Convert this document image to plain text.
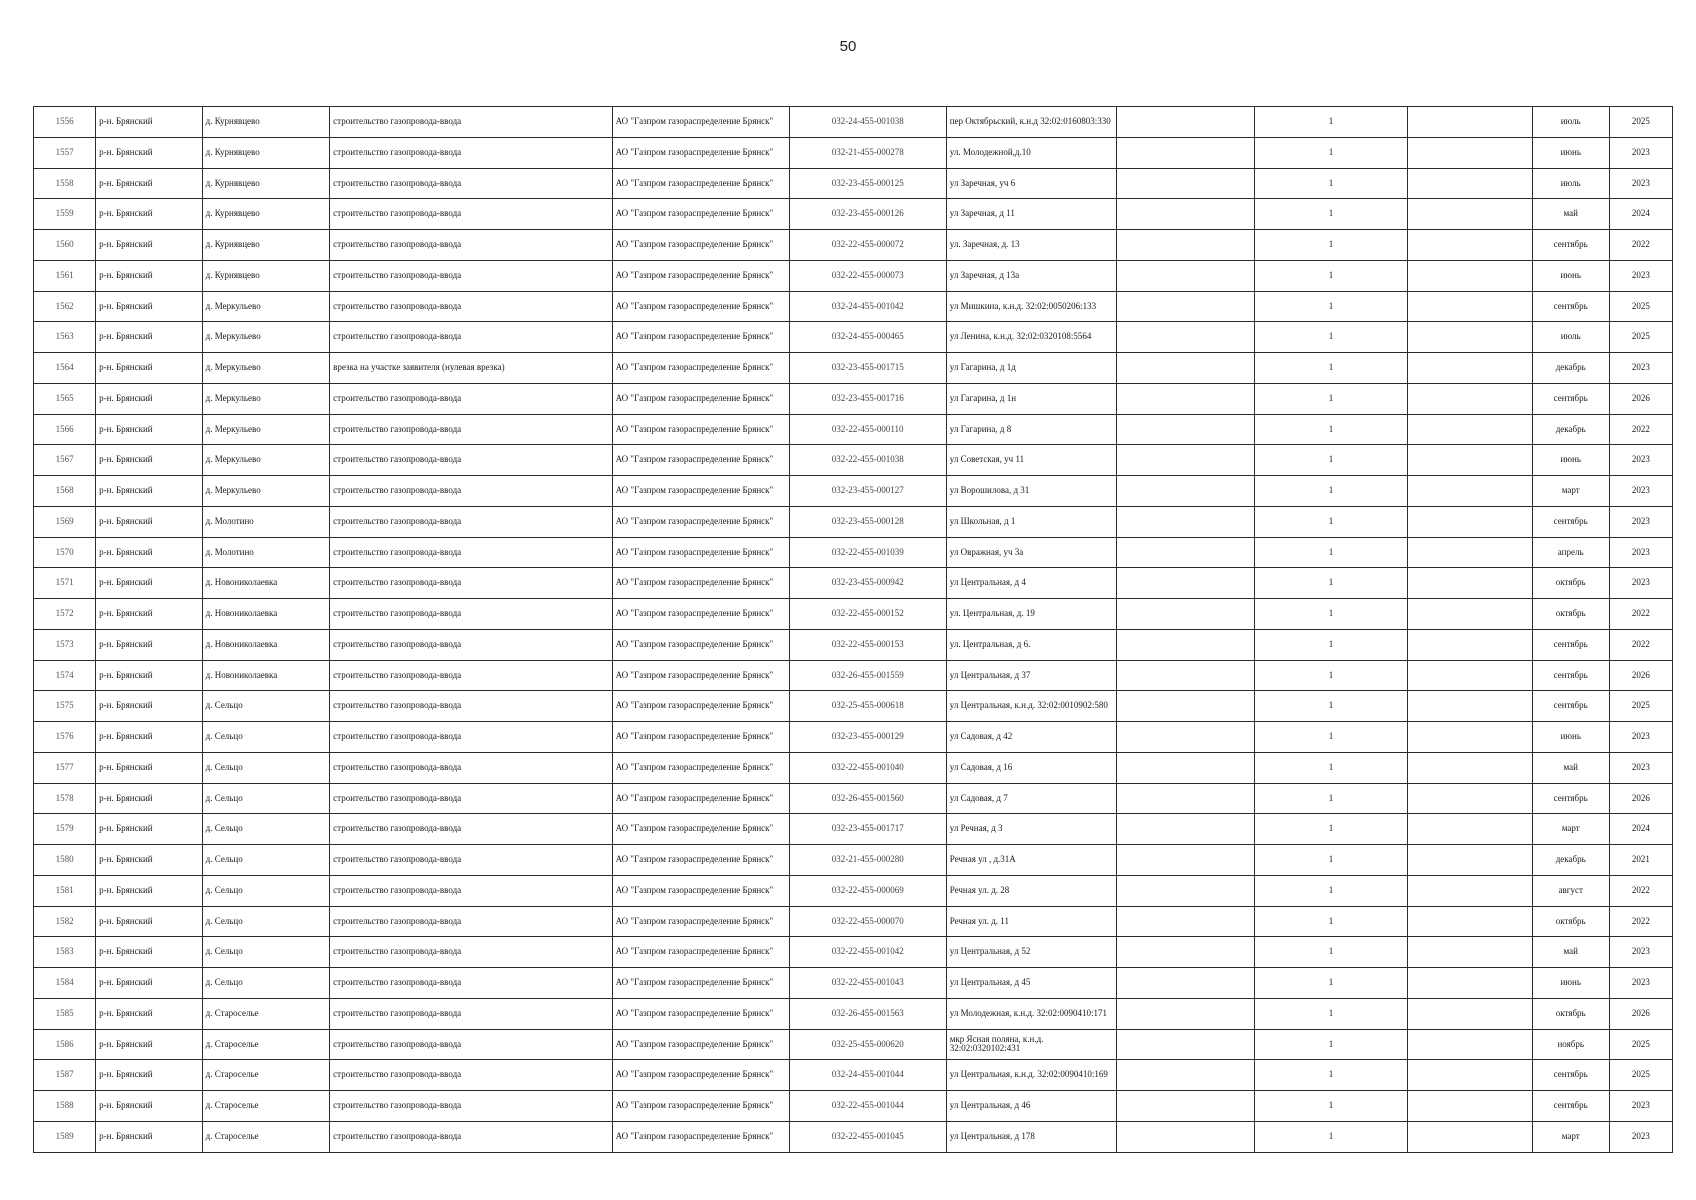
50
1556	р-н. Брянский	д. Курнявцево	строительство газопровода-ввода	АО "Газпром газораспределение Брянск"	032-24-455-001038	пер Октябрьский, к.н.д 32:02:0160803:330		1		июль	2025
1557	р-н. Брянский	д. Курнявцево	строительство газопровода-ввода	АО "Газпром газораспределение Брянск"	032-21-455-000278	ул. Молодежной,д.10		1		июнь	2023
1558	р-н. Брянский	д. Курнявцево	строительство газопровода-ввода	АО "Газпром газораспределение Брянск"	032-23-455-000125	ул Заречная, уч 6		1		июль	2023
1559	р-н. Брянский	д. Курнявцево	строительство газопровода-ввода	АО "Газпром газораспределение Брянск"	032-23-455-000126	ул Заречная, д 11		1		май	2024
1560	р-н. Брянский	д. Курнявцево	строительство газопровода-ввода	АО "Газпром газораспределение Брянск"	032-22-455-000072	ул. Заречная, д. 13		1		сентябрь	2022
1561	р-н. Брянский	д. Курнявцево	строительство газопровода-ввода	АО "Газпром газораспределение Брянск"	032-22-455-000073	ул Заречная, д 13а		1		июнь	2023
1562	р-н. Брянский	д. Меркульево	строительство газопровода-ввода	АО "Газпром газораспределение Брянск"	032-24-455-001042	ул Мишкина, к.н.д. 32:02:0050206:133		1		сентябрь	2025
1563	р-н. Брянский	д. Меркульево	строительство газопровода-ввода	АО "Газпром газораспределение Брянск"	032-24-455-000465	ул Ленина, к.н.д. 32:02:0320108:5564		1		июль	2025
1564	р-н. Брянский	д. Меркульево	врезка на участке заявителя (нулевая врезка)	АО "Газпром газораспределение Брянск"	032-23-455-001715	ул Гагарина, д 1д		1		декабрь	2023
1565	р-н. Брянский	д. Меркульево	строительство газопровода-ввода	АО "Газпром газораспределение Брянск"	032-23-455-001716	ул Гагарина, д 1н		1		сентябрь	2026
1566	р-н. Брянский	д. Меркульево	строительство газопровода-ввода	АО "Газпром газораспределение Брянск"	032-22-455-000110	ул Гагарина, д 8		1		декабрь	2022
1567	р-н. Брянский	д. Меркульево	строительство газопровода-ввода	АО "Газпром газораспределение Брянск"	032-22-455-001038	ул Советская, уч 11		1		июнь	2023
1568	р-н. Брянский	д. Меркульево	строительство газопровода-ввода	АО "Газпром газораспределение Брянск"	032-23-455-000127	ул Ворошилова, д 31		1		март	2023
1569	р-н. Брянский	д. Молотино	строительство газопровода-ввода	АО "Газпром газораспределение Брянск"	032-23-455-000128	ул Школьная, д 1		1		сентябрь	2023
1570	р-н. Брянский	д. Молотино	строительство газопровода-ввода	АО "Газпром газораспределение Брянск"	032-22-455-001039	ул Овражная, уч 3а		1		апрель	2023
1571	р-н. Брянский	д. Новониколаевка	строительство газопровода-ввода	АО "Газпром газораспределение Брянск"	032-23-455-000942	ул Центральная, д 4		1		октябрь	2023
1572	р-н. Брянский	д. Новониколаевка	строительство газопровода-ввода	АО "Газпром газораспределение Брянск"	032-22-455-000152	ул. Центральная, д. 19		1		октябрь	2022
1573	р-н. Брянский	д. Новониколаевка	строительство газопровода-ввода	АО "Газпром газораспределение Брянск"	032-22-455-000153	ул. Центральная, д 6.		1		сентябрь	2022
1574	р-н. Брянский	д. Новониколаевка	строительство газопровода-ввода	АО "Газпром газораспределение Брянск"	032-26-455-001559	ул Центральная, д 37		1		сентябрь	2026
1575	р-н. Брянский	д. Сельцо	строительство газопровода-ввода	АО "Газпром газораспределение Брянск"	032-25-455-000618	ул Центральная, к.н.д. 32:02:0010902:580		1		сентябрь	2025
1576	р-н. Брянский	д. Сельцо	строительство газопровода-ввода	АО "Газпром газораспределение Брянск"	032-23-455-000129	ул Садовая, д 42		1		июнь	2023
1577	р-н. Брянский	д. Сельцо	строительство газопровода-ввода	АО "Газпром газораспределение Брянск"	032-22-455-001040	ул Садовая, д 16		1		май	2023
1578	р-н. Брянский	д. Сельцо	строительство газопровода-ввода	АО "Газпром газораспределение Брянск"	032-26-455-001560	ул Садовая, д 7		1		сентябрь	2026
1579	р-н. Брянский	д. Сельцо	строительство газопровода-ввода	АО "Газпром газораспределение Брянск"	032-23-455-001717	ул Речная, д 3		1		март	2024
1580	р-н. Брянский	д. Сельцо	строительство газопровода-ввода	АО "Газпром газораспределение Брянск"	032-21-455-000280	Речная ул , д.31А		1		декабрь	2021
1581	р-н. Брянский	д. Сельцо	строительство газопровода-ввода	АО "Газпром газораспределение Брянск"	032-22-455-000069	Речная ул. д. 28		1		август	2022
1582	р-н. Брянский	д. Сельцо	строительство газопровода-ввода	АО "Газпром газораспределение Брянск"	032-22-455-000070	Речная ул. д. 11		1		октябрь	2022
1583	р-н. Брянский	д. Сельцо	строительство газопровода-ввода	АО "Газпром газораспределение Брянск"	032-22-455-001042	ул Центральная, д 52		1		май	2023
1584	р-н. Брянский	д. Сельцо	строительство газопровода-ввода	АО "Газпром газораспределение Брянск"	032-22-455-001043	ул Центральная, д 45		1		июнь	2023
1585	р-н. Брянский	д. Староселье	строительство газопровода-ввода	АО "Газпром газораспределение Брянск"	032-26-455-001563	ул Молодежная, к.н.д. 32:02:0090410:171		1		октябрь	2026
1586	р-н. Брянский	д. Староселье	строительство газопровода-ввода	АО "Газпром газораспределение Брянск"	032-25-455-000620	мкр Ясная поляна, к.н.д. 32:02:0320102:431		1		ноябрь	2025
1587	р-н. Брянский	д. Староселье	строительство газопровода-ввода	АО "Газпром газораспределение Брянск"	032-24-455-001044	ул Центральная, к.н.д. 32:02:0090410:169		1		сентябрь	2025
1588	р-н. Брянский	д. Староселье	строительство газопровода-ввода	АО "Газпром газораспределение Брянск"	032-22-455-001044	ул Центральная, д 46		1		сентябрь	2023
1589	р-н. Брянский	д. Староселье	строительство газопровода-ввода	АО "Газпром газораспределение Брянск"	032-22-455-001045	ул Центральная, д 178		1		март	2023
